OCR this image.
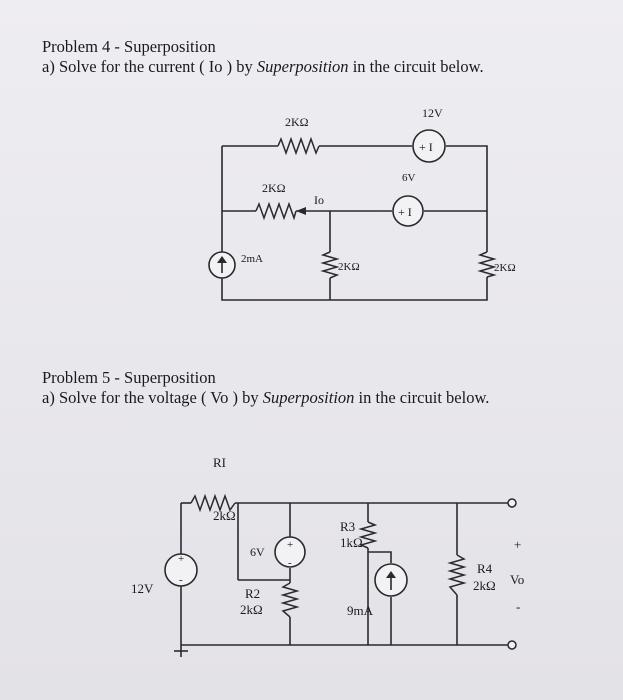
Problem 4 - Superposition
a) Solve for the current ( Io ) by Superposition in the circuit below.
Problem 5 - Superposition
a) Solve for the voltage ( Vo ) by Superposition in the circuit below.
+ I
+ I
2KΩ
12V
2KΩ
Io
6V
2mA
2KΩ	2KΩ
+
-
+
-
RI
2kΩ
12V
6V
R2
2kΩ
R3
1kΩ
9mA
R4
2kΩ
+
Vo
-
